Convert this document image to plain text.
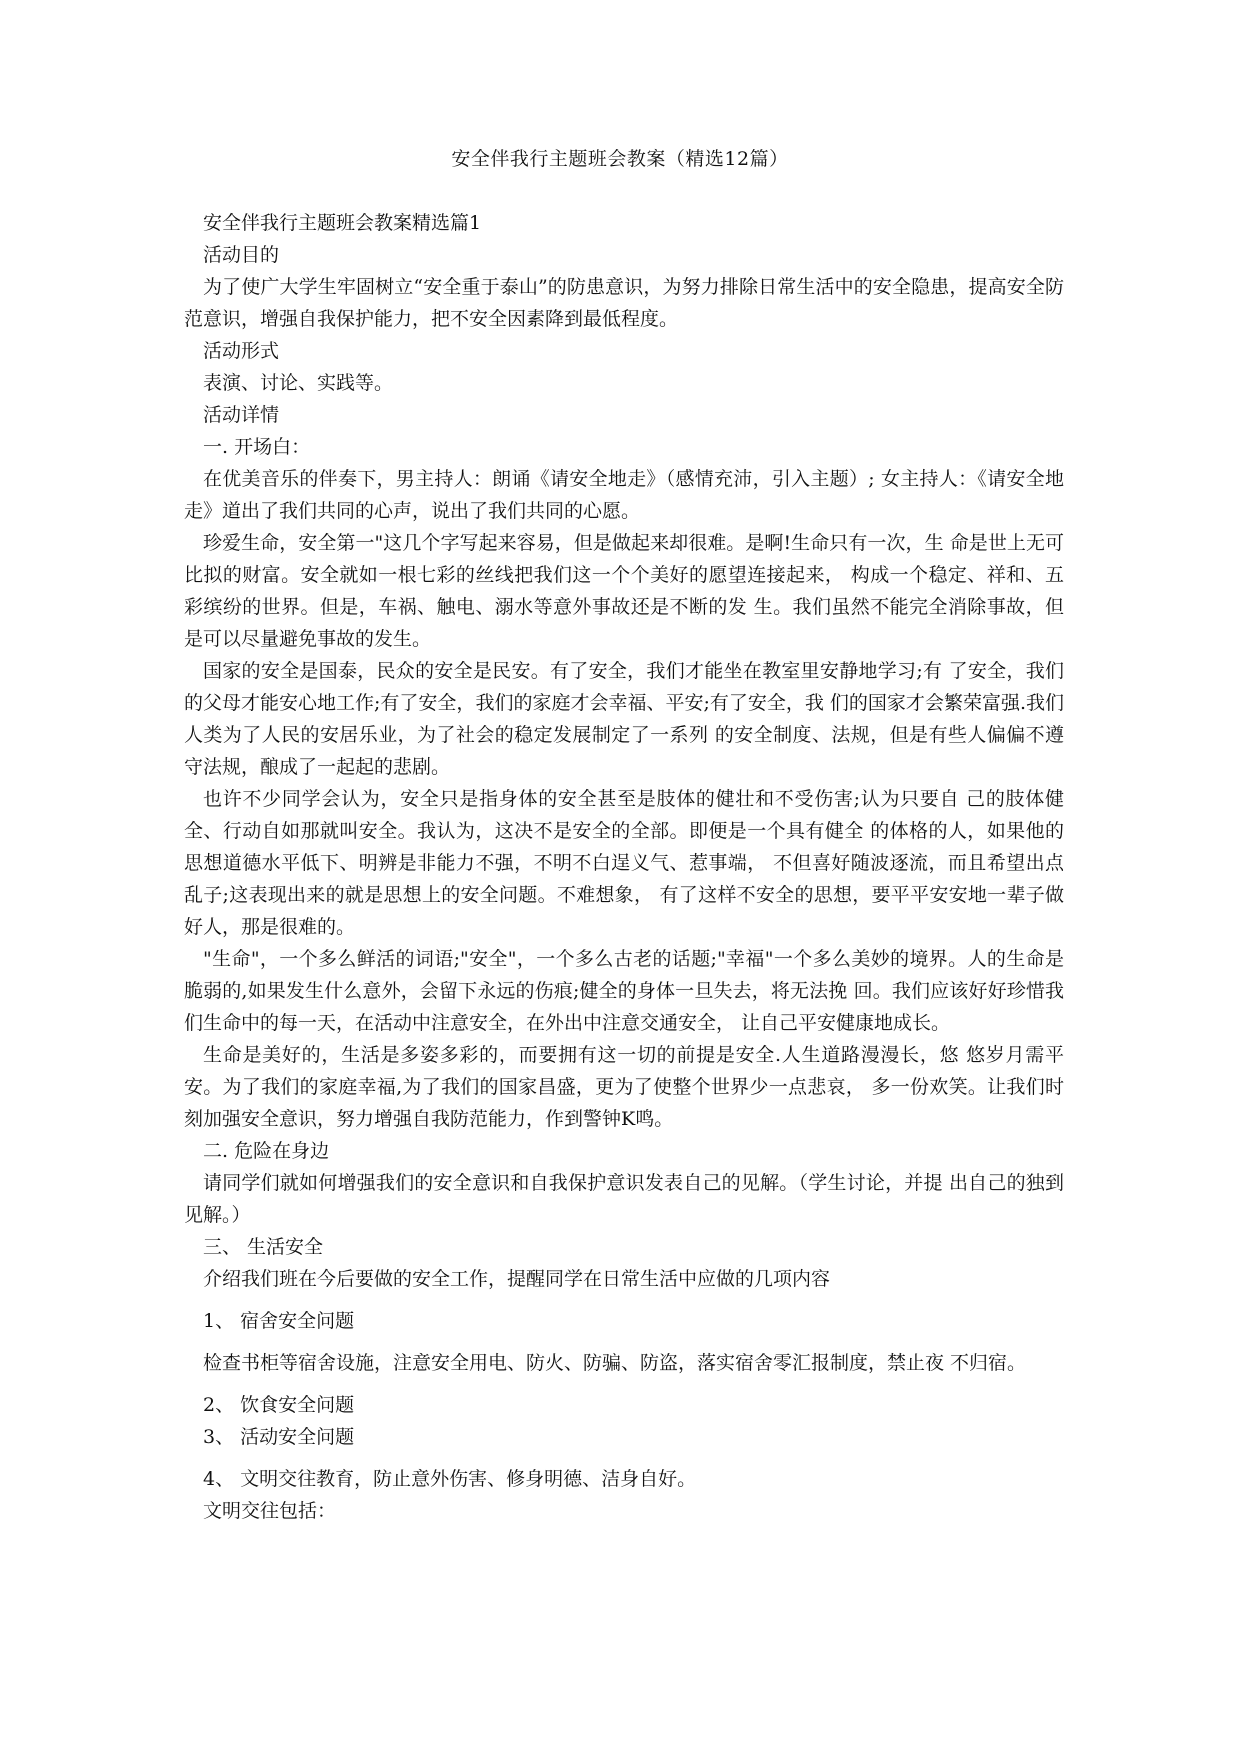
安全伴我行主题班会教案（精选12篇）

安全伴我行主题班会教案精选篇1

活动目的

为了使广大学生牢固树立“安全重于泰山”的防患意识，为努力排除日常生活中的安全隐患，提高安全防范意识，增强自我保护能力，把不安全因素降到最低程度。

活动形式

表演、讨论、实践等。

活动详情

一. 开场白：

在优美音乐的伴奏下，男主持人：朗诵《请安全地走》（感情充沛，引入主题）; 女主持人：《请安全地走》道出了我们共同的心声，说出了我们共同的心愿。

珍爱生命，安全第一"这几个字写起来容易，但是做起来却很难。是啊!生命只有一次，生 命是世上无可比拟的财富。安全就如一根七彩的丝线把我们这一个个美好的愿望连接起来， 构成一个稳定、祥和、五彩缤纷的世界。但是，车祸、触电、溺水等意外事故还是不断的发 生。我们虽然不能完全消除事故，但是可以尽量避免事故的发生。

国家的安全是国泰，民众的安全是民安。有了安全，我们才能坐在教室里安静地学习;有 了安全，我们的父母才能安心地工作;有了安全，我们的家庭才会幸福、平安;有了安全，我 们的国家才会繁荣富强.我们人类为了人民的安居乐业，为了社会的稳定发展制定了一系列 的安全制度、法规，但是有些人偏偏不遵守法规，酿成了一起起的悲剧。

也许不少同学会认为，安全只是指身体的安全甚至是肢体的健壮和不受伤害;认为只要自 己的肢体健全、行动自如那就叫安全。我认为，这决不是安全的全部。即便是一个具有健全 的体格的人，如果他的思想道德水平低下、明辨是非能力不强，不明不白逞义气、惹事端， 不但喜好随波逐流，而且希望出点乱子;这表现出来的就是思想上的安全问题。不难想象， 有了这样不安全的思想，要平平安安地一辈子做好人，那是很难的。

"生命"，一个多么鲜活的词语;"安全"，一个多么古老的话题;"幸福"一个多么美妙的境界。人的生命是脆弱的,如果发生什么意外，会留下永远的伤痕;健全的身体一旦失去，将无法挽 回。我们应该好好珍惜我们生命中的每一天，在活动中注意安全，在外出中注意交通安全， 让自己平安健康地成长。

生命是美好的，生活是多姿多彩的，而要拥有这一切的前提是安全.人生道路漫漫长，悠 悠岁月需平安。为了我们的家庭幸福,为了我们的国家昌盛，更为了使整个世界少一点悲哀， 多一份欢笑。让我们时刻加强安全意识，努力增强自我防范能力，作到警钟K鸣。

二. 危险在身边

请同学们就如何增强我们的安全意识和自我保护意识发表自己的见解。（学生讨论，并提 出自己的独到见解。）

三、 生活安全

介绍我们班在今后要做的安全工作，提醒同学在日常生活中应做的几项内容

1、 宿舍安全问题

检查书柜等宿舍设施，注意安全用电、防火、防骗、防盗，落实宿舍零汇报制度，禁止夜 不归宿。

2、 饮食安全问题

3、 活动安全问题

4、 文明交往教育，防止意外伤害、修身明德、洁身自好。

文明交往包括：
